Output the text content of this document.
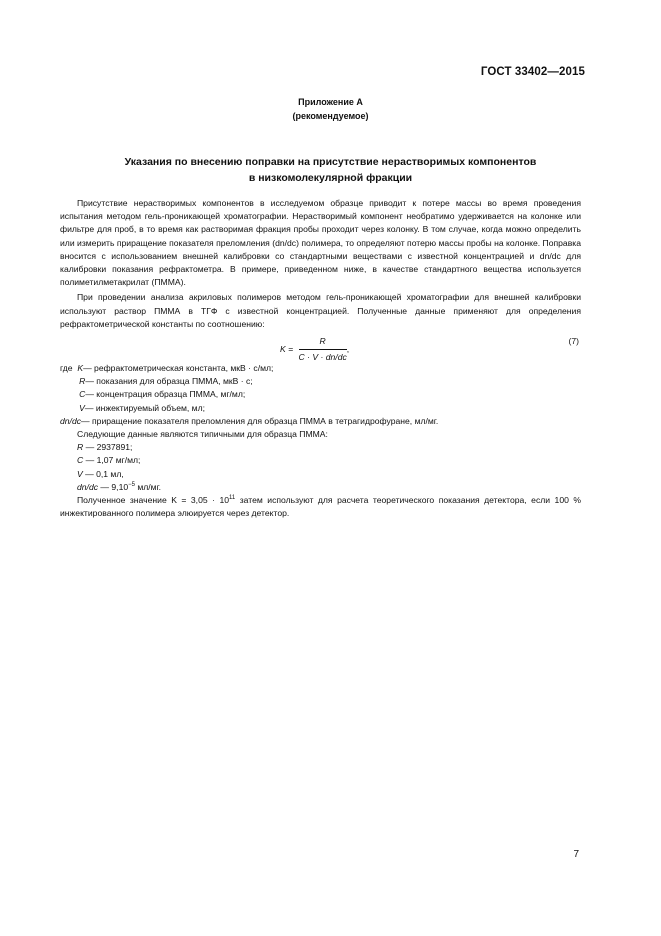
ГОСТ 33402—2015
Приложение А
(рекомендуемое)
Указания по внесению поправки на присутствие нерастворимых компонентов
в низкомолекулярной фракции

Присутствие нерастворимых компонентов в исследуемом образце приводит к потере массы во время проведения испытания методом гель-проникающей хроматографии. Нерастворимый компонент необратимо удерживается на колонке или фильтре для проб, в то время как растворимая фракция пробы проходит через колонку. В том случае, когда можно определить или измерить приращение показателя преломления (dn/dc) полимера, то определяют потерю массы пробы на колонке. Поправка вносится с использованием внешней калибровки со стандартными веществами с известной концентрацией и dn/dc для калибровки показания рефрактометра. В примере, приведенном ниже, в качестве стандартного вещества используется полиметилметакрилат (ПММА).

При проведении анализа акриловых полимеров методом гель-проникающей хроматографии для внешней калибровки используют раствор ПММА в ТГФ с известной концентрацией. Полученные данные применяют для определения рефрактометрической константы по соотношению:

$K = \frac{R}{C \cdot V \cdot dn/dc}$ ,
(7)
где K — рефрактометрическая константа, мкВ · с/мл;

R — показания для образца ПММА, мкВ · с;

C — концентрация образца ПММА, мг/мл;

V — инжектируемый объем, мл;
dn/dc — приращение показателя преломления для образца ПММА в тетрагидрофуране, мл/мг.
Следующие данные являются типичными для образца ПММА:
R — 2937891;
C — 1,07 мг/мл;
V — 0,1 мл,
dn/dc — $9,10^{-5}$ мл/мг.

Полученное значение $K = 3,05 \cdot 10^{11}$ затем используют для расчета теоретического показания детектора, если 100 % инжектированного полимера элюируется через детектор.

7
